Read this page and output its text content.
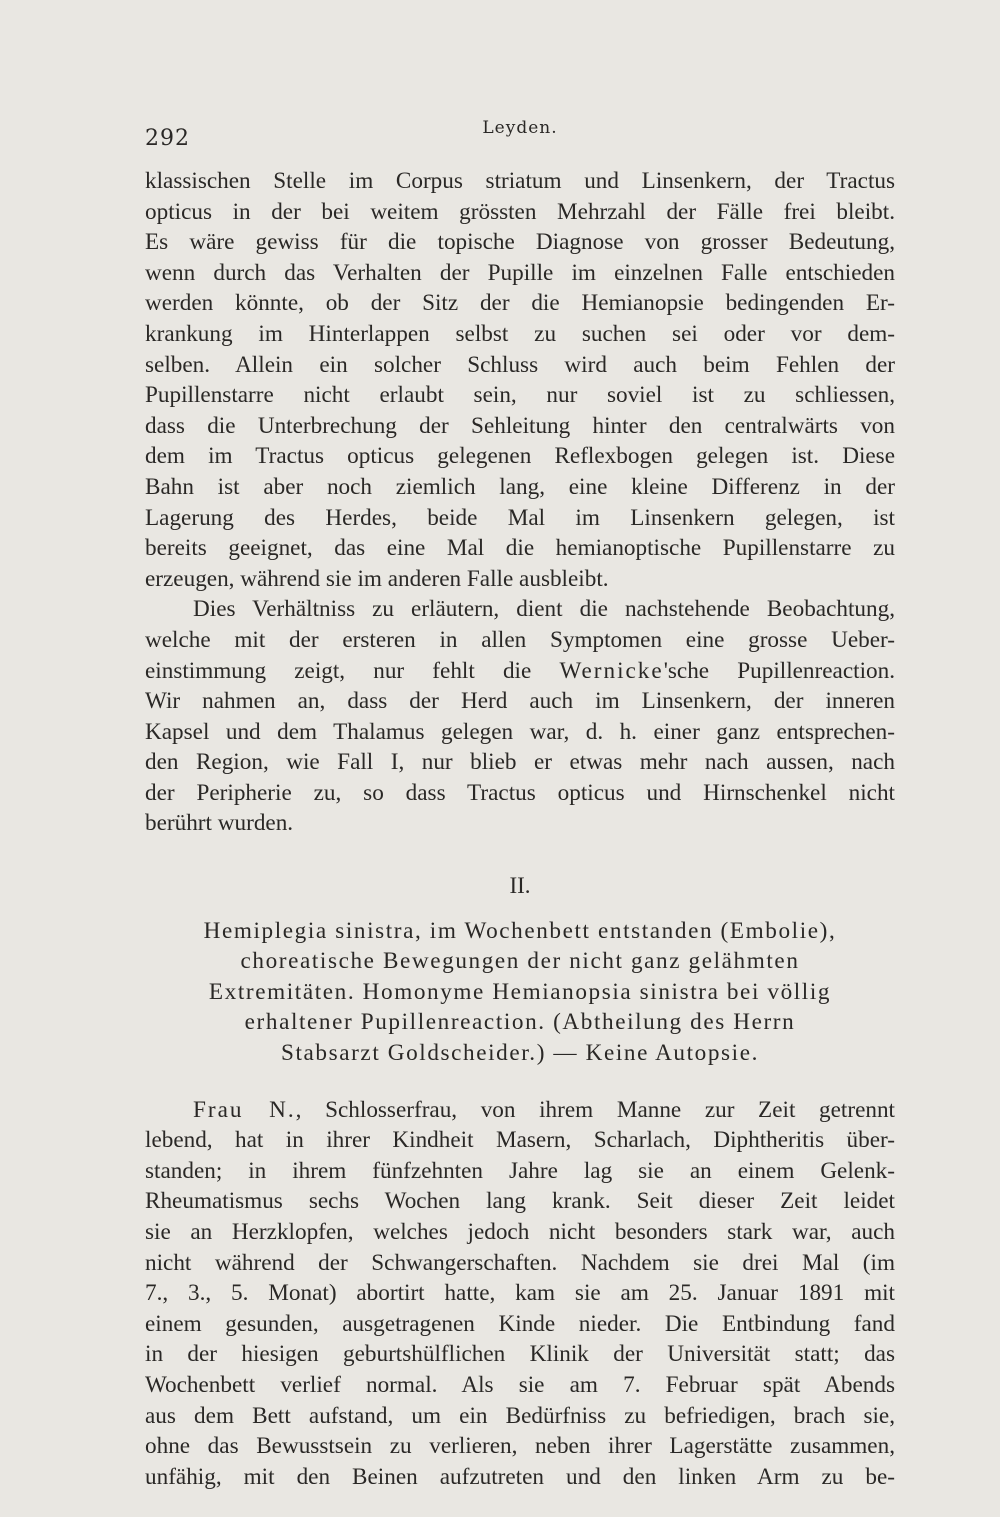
292	Leyden.

klassischen Stelle im Corpus striatum und Linsenkern, der Tractus
opticus in der bei weitem grössten Mehrzahl der Fälle frei bleibt.
Es wäre gewiss für die topische Diagnose von grosser Bedeutung,
wenn durch das Verhalten der Pupille im einzelnen Falle entschieden
werden könnte, ob der Sitz der die Hemianopsie bedingenden Er-
krankung im Hinterlappen selbst zu suchen sei oder vor dem-
selben. Allein ein solcher Schluss wird auch beim Fehlen der
Pupillenstarre nicht erlaubt sein, nur soviel ist zu schliessen,
dass die Unterbrechung der Sehleitung hinter den centralwärts von
dem im Tractus opticus gelegenen Reflexbogen gelegen ist. Diese
Bahn ist aber noch ziemlich lang, eine kleine Differenz in der
Lagerung des Herdes, beide Mal im Linsenkern gelegen, ist
bereits geeignet, das eine Mal die hemianoptische Pupillenstarre zu
erzeugen, während sie im anderen Falle ausbleibt.

Dies Verhältniss zu erläutern, dient die nachstehende Beobachtung,
welche mit der ersteren in allen Symptomen eine grosse Ueber-
einstimmung zeigt, nur fehlt die Wernicke'sche Pupillenreaction.
Wir nahmen an, dass der Herd auch im Linsenkern, der inneren
Kapsel und dem Thalamus gelegen war, d. h. einer ganz entsprechen-
den Region, wie Fall I, nur blieb er etwas mehr nach aussen, nach
der Peripherie zu, so dass Tractus opticus und Hirnschenkel nicht
berührt wurden.

II.
Hemiplegia sinistra, im Wochenbett entstanden (Embolie),
choreatische Bewegungen der nicht ganz gelähmten
Extremitäten. Homonyme Hemianopsia sinistra bei völlig
erhaltener Pupillenreaction. (Abtheilung des Herrn
Stabsarzt Goldscheider.) — Keine Autopsie.

Frau N., Schlosserfrau, von ihrem Manne zur Zeit getrennt
lebend, hat in ihrer Kindheit Masern, Scharlach, Diphtheritis über-
standen; in ihrem fünfzehnten Jahre lag sie an einem Gelenk-
Rheumatismus sechs Wochen lang krank. Seit dieser Zeit leidet
sie an Herzklopfen, welches jedoch nicht besonders stark war, auch
nicht während der Schwangerschaften. Nachdem sie drei Mal (im
7., 3., 5. Monat) abortirt hatte, kam sie am 25. Januar 1891 mit
einem gesunden, ausgetragenen Kinde nieder. Die Entbindung fand
in der hiesigen geburtshülflichen Klinik der Universität statt; das
Wochenbett verlief normal. Als sie am 7. Februar spät Abends
aus dem Bett aufstand, um ein Bedürfniss zu befriedigen, brach sie,
ohne das Bewusstsein zu verlieren, neben ihrer Lagerstätte zusammen,
unfähig, mit den Beinen aufzutreten und den linken Arm zu be-
